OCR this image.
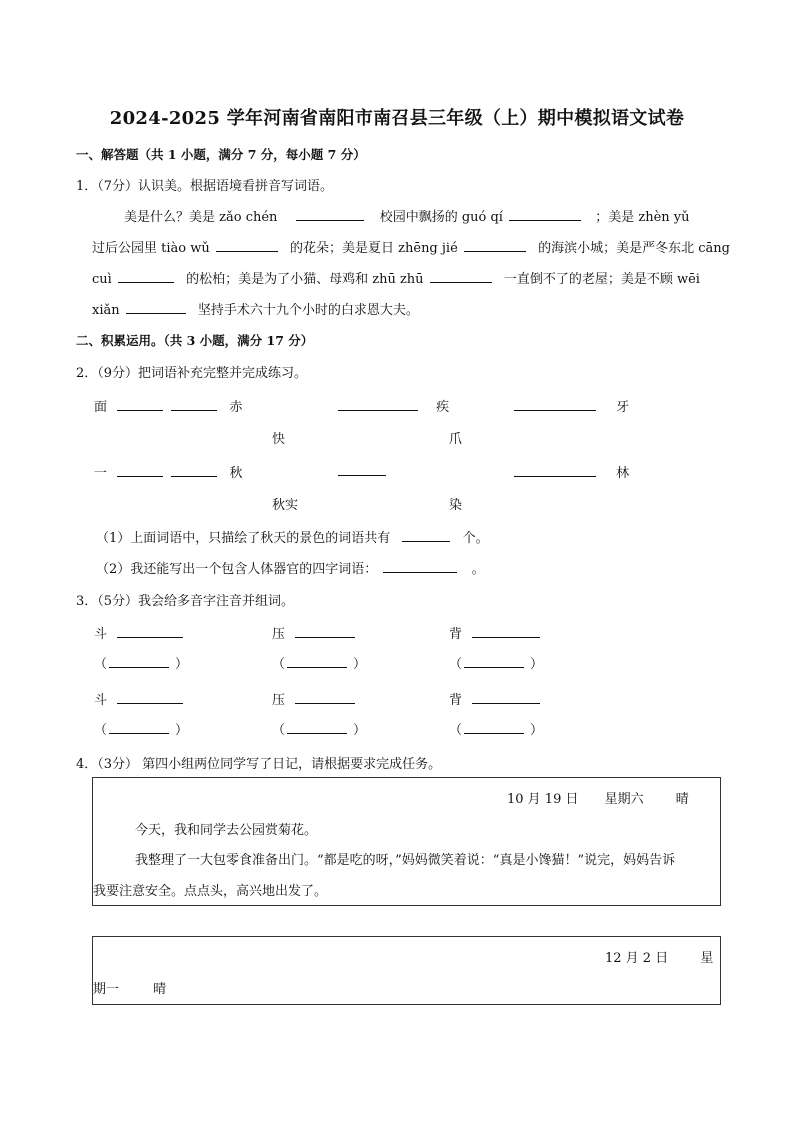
2024-2025 学年河南省南阳市南召县三年级（上）期中模拟语文试卷
一、解答题（共 1 小题，满分 7 分，每小题 7 分）
1．（7分）认识美。根据语境看拼音写词语。
美是什么？美是 zǎo chén	校园中飘扬的 guó qí	；美是 zhèn yǔ
过后公园里 tiào wǔ	的花朵；美是夏日 zhēng jié	的海滨小城；美是严冬东北 cāng
cuì	的松柏；美是为了小猫、母鸡和 zhū zhū	一直倒不了的老屋；美是不顾 wēi
xiǎn	坚持手术六十九个小时的白求恩大夫。
二、积累运用。（共 3 小题，满分 17 分）
2．（9分）把词语补充完整并完成练习。
面	赤	疾	牙
快	爪
一	秋	林
秋实	染
（1）上面词语中，只描绘了秋天的景色的词语共有	个。
（2）我还能写出一个包含人体器官的四字词语：	。
3．（5分）我会给多音字注音并组词。
斗	压	背
（	）	（	）	（	）
斗	压	背
（	）	（	）	（	）
4．（3分） 第四小组两位同学写了日记，请根据要求完成任务。
10 月 19 日 星期六 晴
今天，我和同学去公园赏菊花。
我整理了一大包零食准备出门。“都是吃的呀，”妈妈微笑着说：“真是小馋猫！”说完，妈妈告诉
我要注意安全。点点头，高兴地出发了。
12 月 2 日 星
期一	晴
